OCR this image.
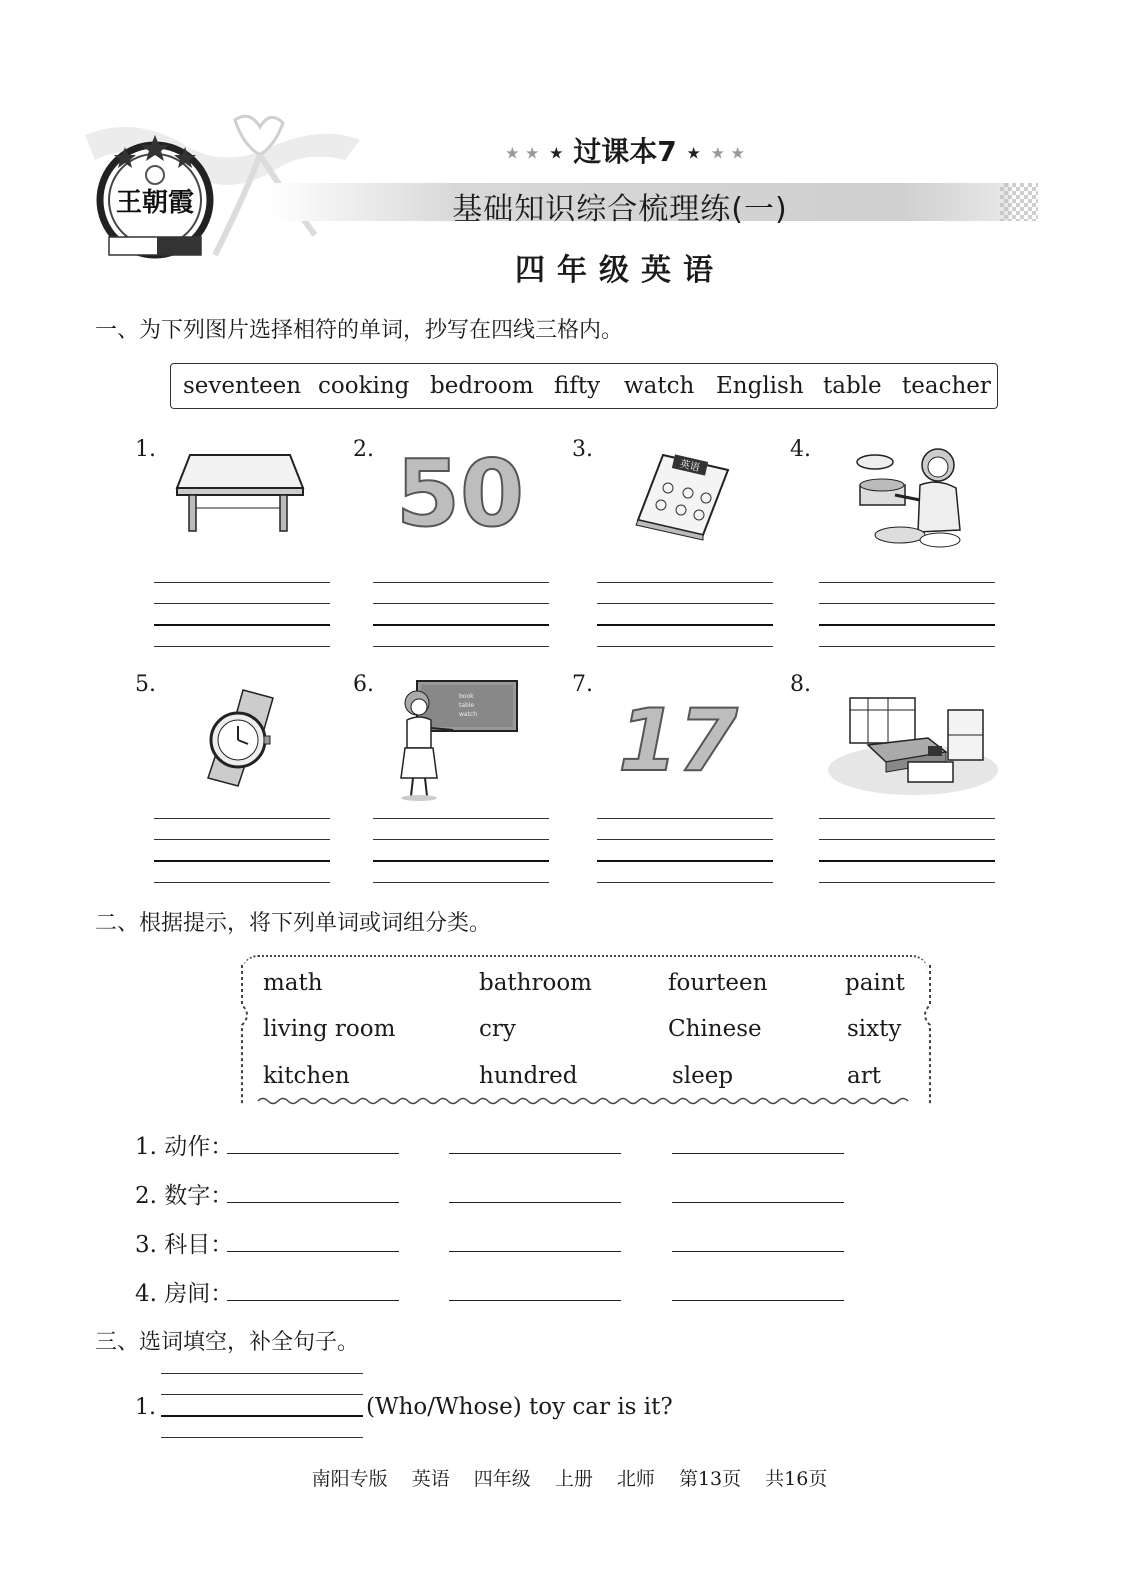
王朝霞
★ ★ ★ 过课本7 ★ ★ ★
基础知识综合梳理练(一)
四年级英语
一、为下列图片选择相符的单词，抄写在四线三格内。
seventeen cooking bedroom fifty watch English table teacher
1.	2.	3.	4.
50	英语
5.	6.	7.	8.
book
table
watch 17
二、根据提示，将下列单词或词组分类。
math	bathroom	fourteen	paint
living room	cry	Chinese	sixty
kitchen	hundred	sleep	art
1. 动作：
2. 数字：
3. 科目：
4. 房间：
三、选词填空，补全句子。
1.	(Who/Whose) toy car is it?
南阳专版 英语 四年级 上册 北师 第13页 共16页
